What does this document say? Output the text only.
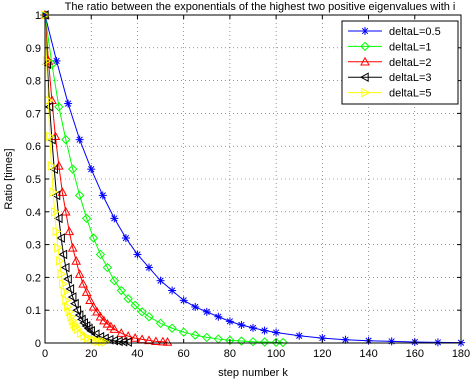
The ratio between the exponentials of the highest two positive eigenvalues with i
0	20	40	60	80	100	120	140	160	180
0
0.1
0.2
0.3
0.4
0.5
0.6
0.7
0.8
0.9
1
step number k
Ratio [times]
deltaL=0.5
deltaL=1
deltaL=2
deltaL=3
deltaL=5
